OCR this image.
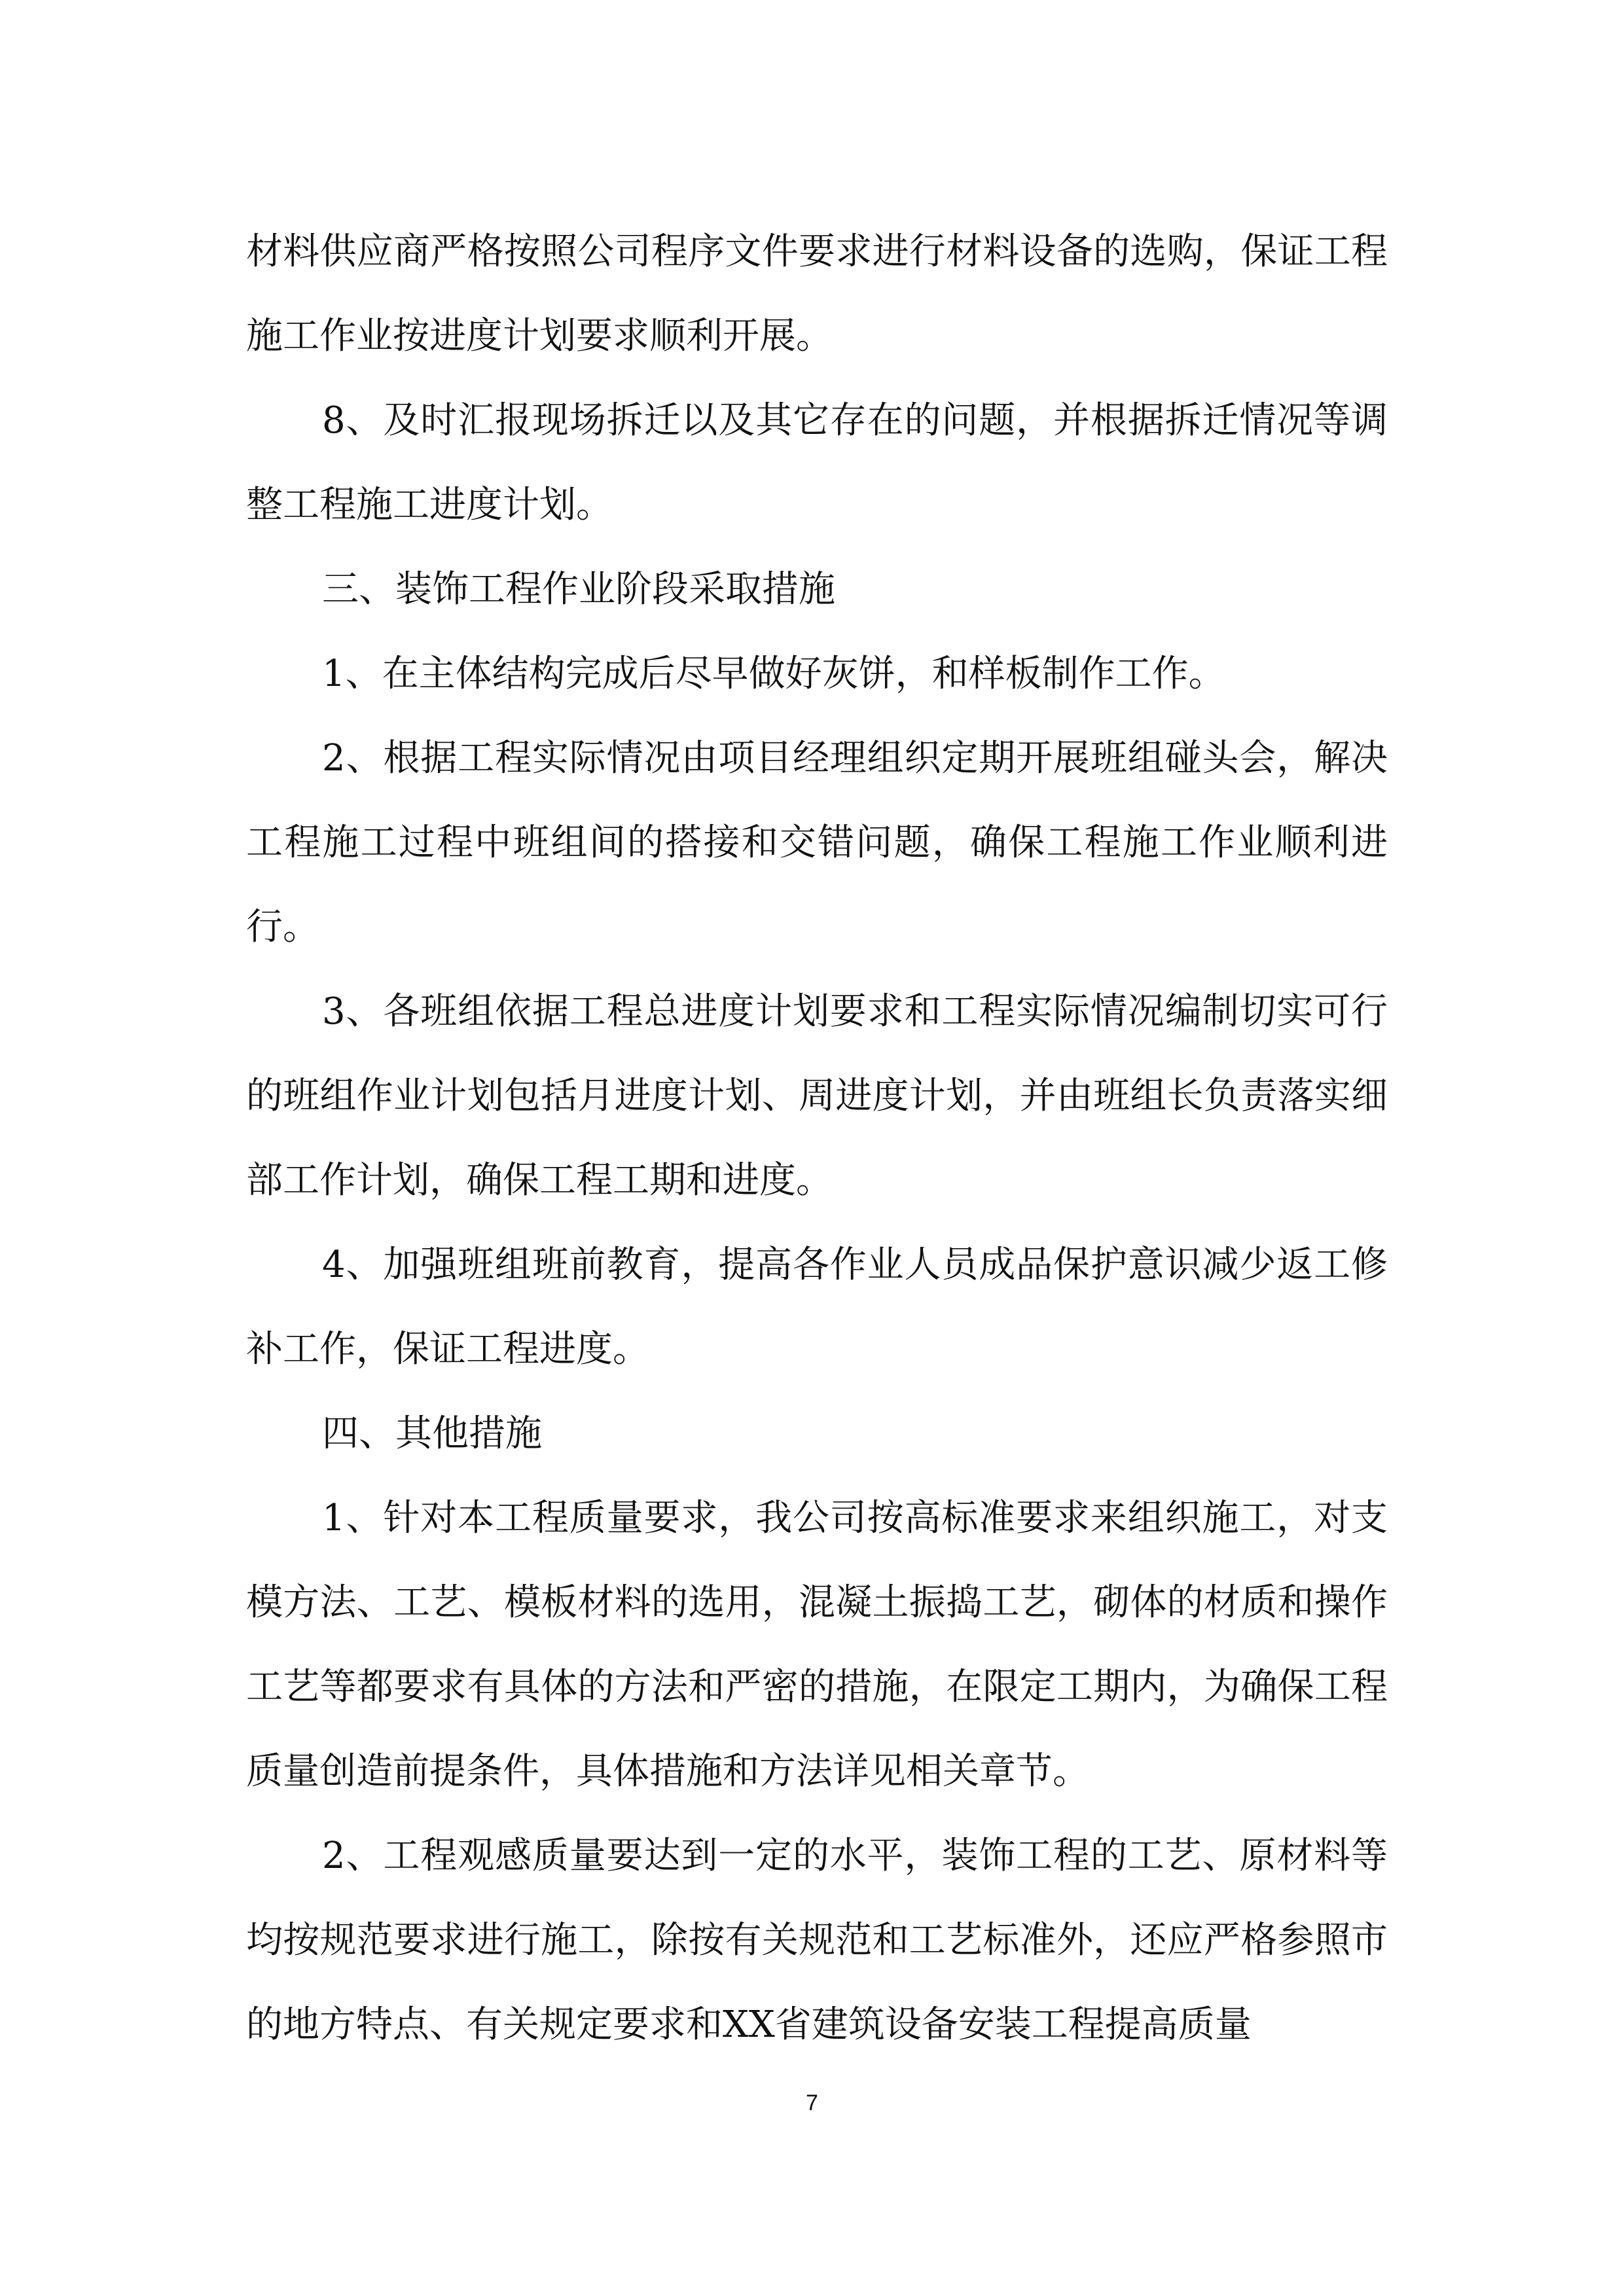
材料供应商严格按照公司程序文件要求进行材料设备的选购，保证工程施工作业按进度计划要求顺利开展。

8、及时汇报现场拆迁以及其它存在的问题，并根据拆迁情况等调整工程施工进度计划。

三、装饰工程作业阶段采取措施

1、在主体结构完成后尽早做好灰饼，和样板制作工作。

2、根据工程实际情况由项目经理组织定期开展班组碰头会，解决工程施工过程中班组间的搭接和交错问题，确保工程施工作业顺利进行。

3、各班组依据工程总进度计划要求和工程实际情况编制切实可行的班组作业计划包括月进度计划、周进度计划，并由班组长负责落实细部工作计划，确保工程工期和进度。

4、加强班组班前教育，提高各作业人员成品保护意识减少返工修补工作，保证工程进度。

四、其他措施

1、针对本工程质量要求，我公司按高标准要求来组织施工，对支模方法、工艺、模板材料的选用，混凝土振捣工艺，砌体的材质和操作工艺等都要求有具体的方法和严密的措施，在限定工期内，为确保工程质量创造前提条件，具体措施和方法详见相关章节。

2、工程观感质量要达到一定的水平，装饰工程的工艺、原材料等均按规范要求进行施工，除按有关规范和工艺标准外，还应严格参照市的地方特点、有关规定要求和XX省建筑设备安装工程提高质量

7
